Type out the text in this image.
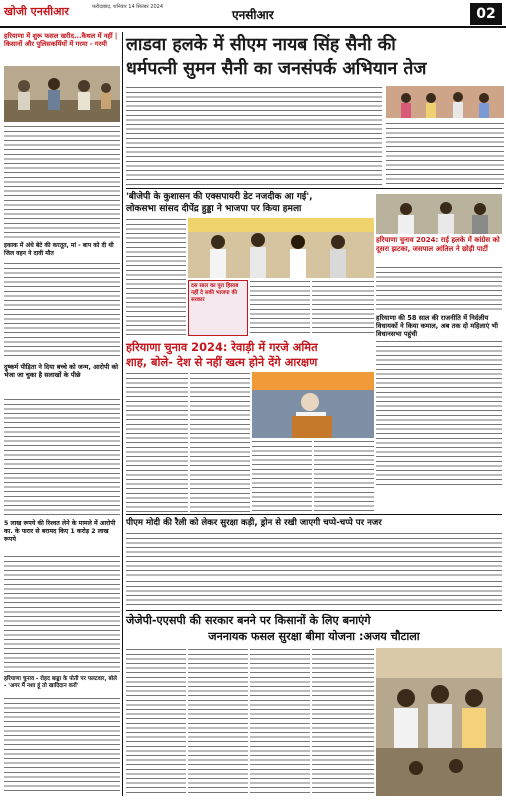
खोजी एनसीआर	फरीदाबाद, शनिवार 14 सितंबर 2024
एनसीआर	02
हरियाणा में शुरू फसल खरीद...कैथल में नहीं | किसानों और पुलिसकर्मियों में गरमा - गरमी
इकाक में अंधे बेटे की करतूत, मां - बाप को दी थी जिल वहन ने दावी मौत
दुष्कर्म पीड़िता ने दिया बच्चे को जन्म, आरोपी को भेजा जा चुका है सलाखों के पीछे
5 लाख रूपये की रिश्वत लेने के मामले में आरोपी का. के फरार से बरामद किए 1 करोड़ 2 लाख रूपये
हरियाणा चुनाव - रोहद बाड्डा के पोती पर पलटवार, बोले - 'अगर मैं नशा हूं तो खादिदान करों'
लाडवा हलके में सीएम नायब सिंह सैनी की
धर्मपत्नी सुमन सैनी का जनसंपर्क अभियान तेज
'बीजेपी के कुशासन की एक्सपायरी डेट नजदीक आ गई',
लोकसभा सांसद दीपेंद्र हुड्डा ने भाजपा पर किया हमला
दस साल का पूरा हिसाब नहीं दे सकी भाजपा की सरकार
हरियाणा चुनाव 2024: राई हलके में कांग्रेस को दूसरा झटका, जसपाल आंतिल ने छोड़ी पार्टी
हरियाणा की 58 साल की राजनीति में निर्दलीय विधायकों ने किया कमाल, अब तक दो महिलाएं भी विधानसभा पहुंची
हरियाणा चुनाव 2024: रेवाड़ी में गरजे अमित
शाह, बोले- देश से नहीं खत्म होने देंगे आरक्षण
पीएम मोदी की रैली को लेकर सुरक्षा कड़ी, ड्रोन से रखी जाएगी चप्पे-चप्पे पर नजर
जेजेपी-एएसपी की सरकार बनने पर किसानों के लिए बनाएंगे
जननायक फसल सुरक्षा बीमा योजना :अजय चौटाला
